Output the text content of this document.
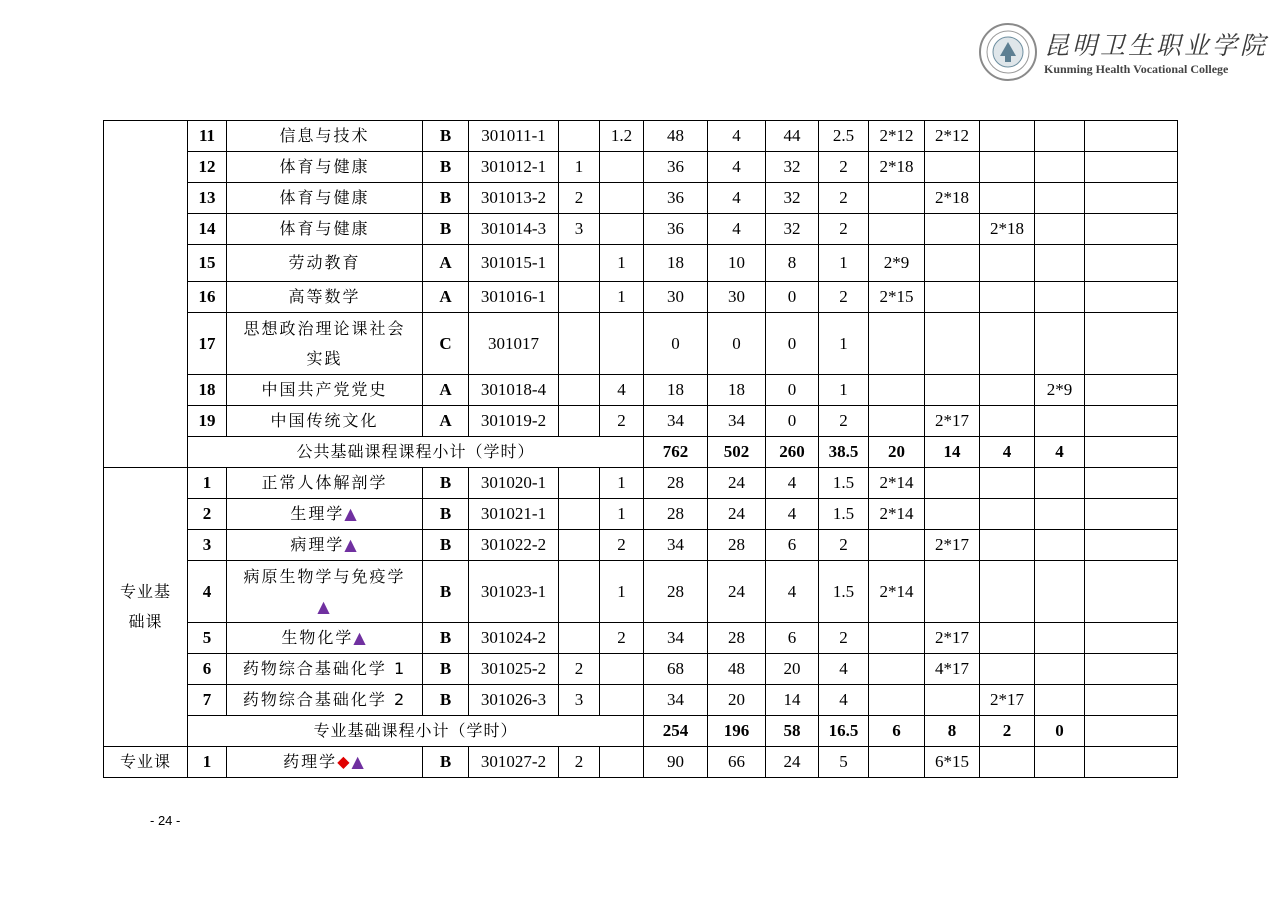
昆明卫生职业学院
Kunming Health Vocational College
	11	信息与技术	B	301011-1		1.2	48	4	44	2.5	2*12	2*12			
	12	体育与健康	B	301012-1	1		36	4	32	2	2*18				
	13	体育与健康	B	301013-2	2		36	4	32	2		2*18			
	14	体育与健康	B	301014-3	3		36	4	32	2			2*18		
	15	劳动教育	A	301015-1		1	18	10	8	1	2*9				
	16	高等数学	A	301016-1		1	30	30	0	2	2*15				
	17	思想政治理论课社会
实践	C	301017			0	0	0	1					
	18	中国共产党党史	A	301018-4		4	18	18	0	1				2*9	
	19	中国传统文化	A	301019-2		2	34	34	0	2		2*17			
	公共基础课程课程小计（学时）						762	502	260	38.5	20	14	4	4	

专业基
础课	1	正常人体解剖学	B	301020-1		1	28	24	4	1.5	2*14				
	2	生理学▲	B	301021-1		1	28	24	4	1.5	2*14				
	3	病理学▲	B	301022-2		2	34	28	6	2		2*17			
	4	病原生物学与免疫学
▲	B	301023-1		1	28	24	4	1.5	2*14				
	5	生物化学▲	B	301024-2		2	34	28	6	2		2*17			
	6	药物综合基础化学 1	B	301025-2	2		68	48	20	4		4*17			
	7	药物综合基础化学 2	B	301026-3	3		34	20	14	4			2*17		
	专业基础课程小计（学时）						254	196	58	16.5	6	8	2	0	
专业课	1	药理学◆▲	B	301027-2	2		90	66	24	5		6*15			
- 24 -
